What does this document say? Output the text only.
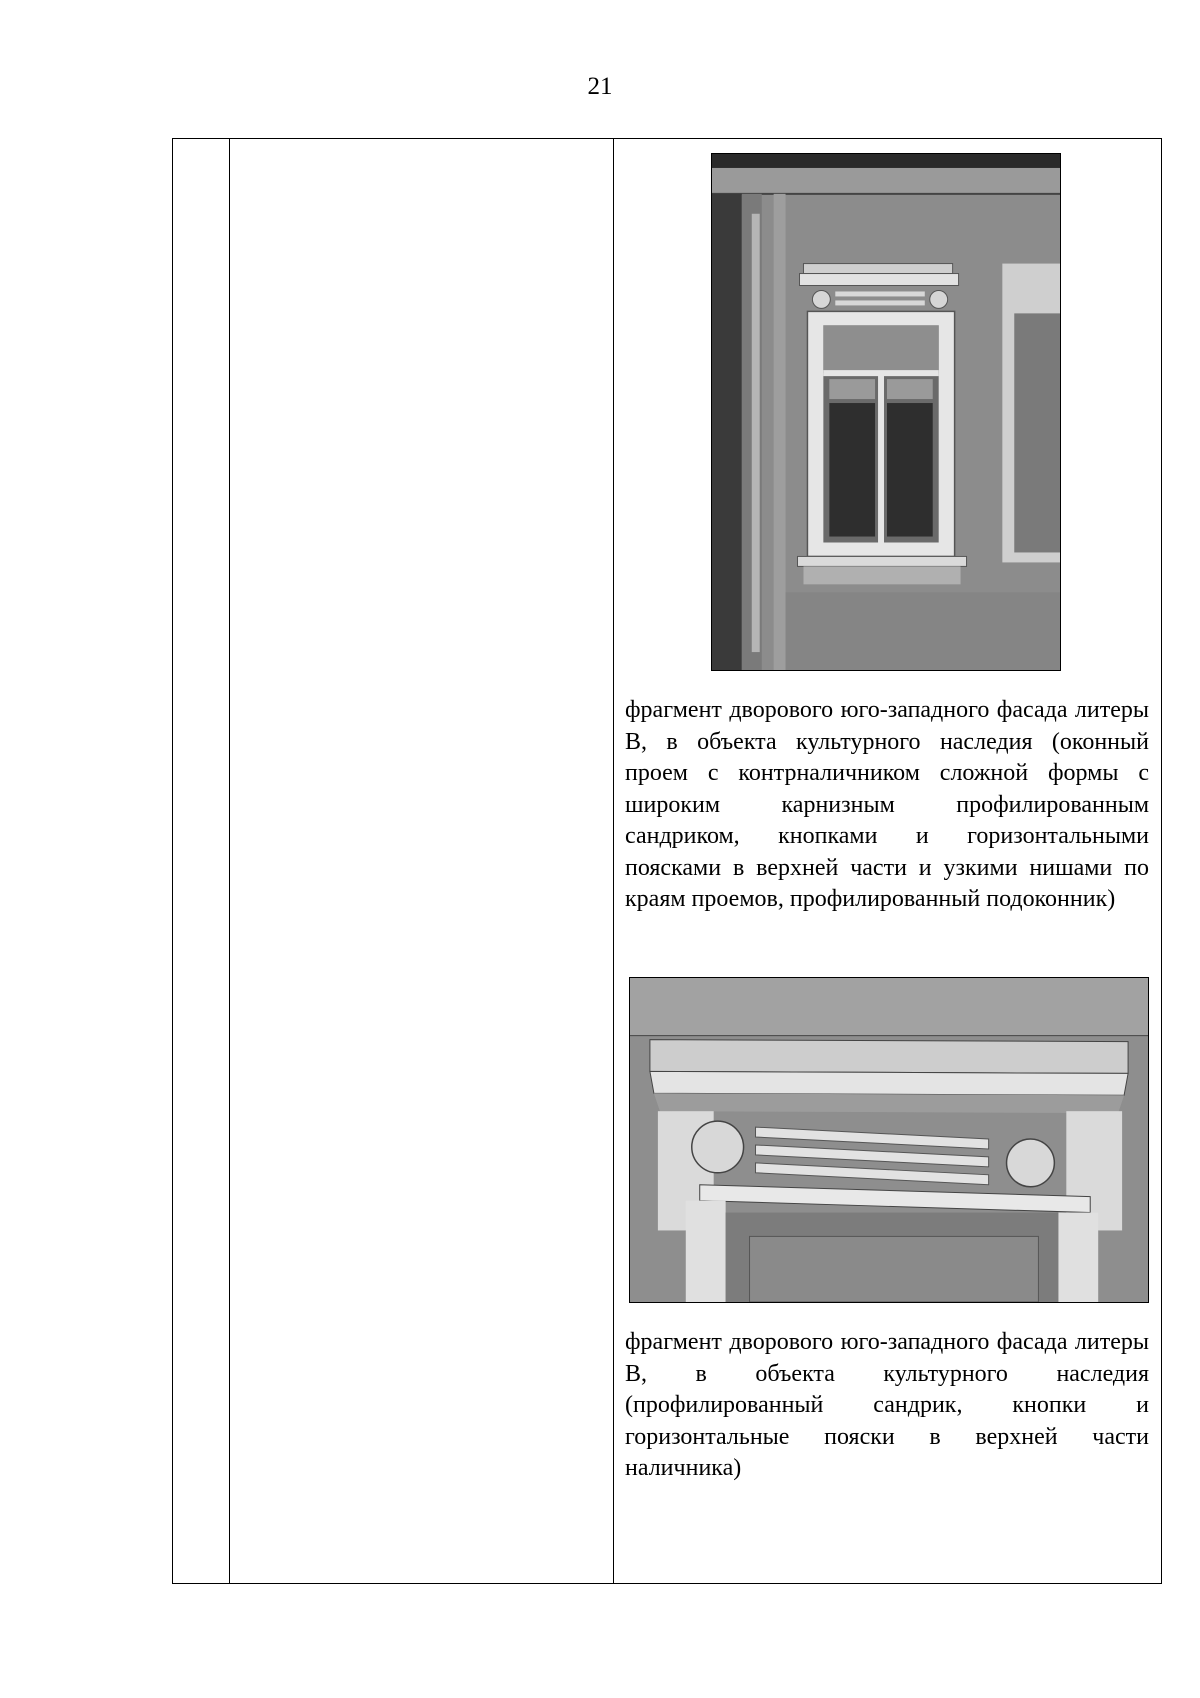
21
фрагмент дворового юго-западного фасада литеры В, в объекта культурного наследия (оконный проем с контрналичником сложной формы с широким карнизным профилированным сандриком, кнопками и горизонтальными поясками в верхней части и узкими нишами по краям проемов, профилированный подоконник)
фрагмент дворового юго-западного фасада литеры В, в объекта культурного наследия (профилированный сандрик, кнопки и горизонтальные пояски в верхней части наличника)
